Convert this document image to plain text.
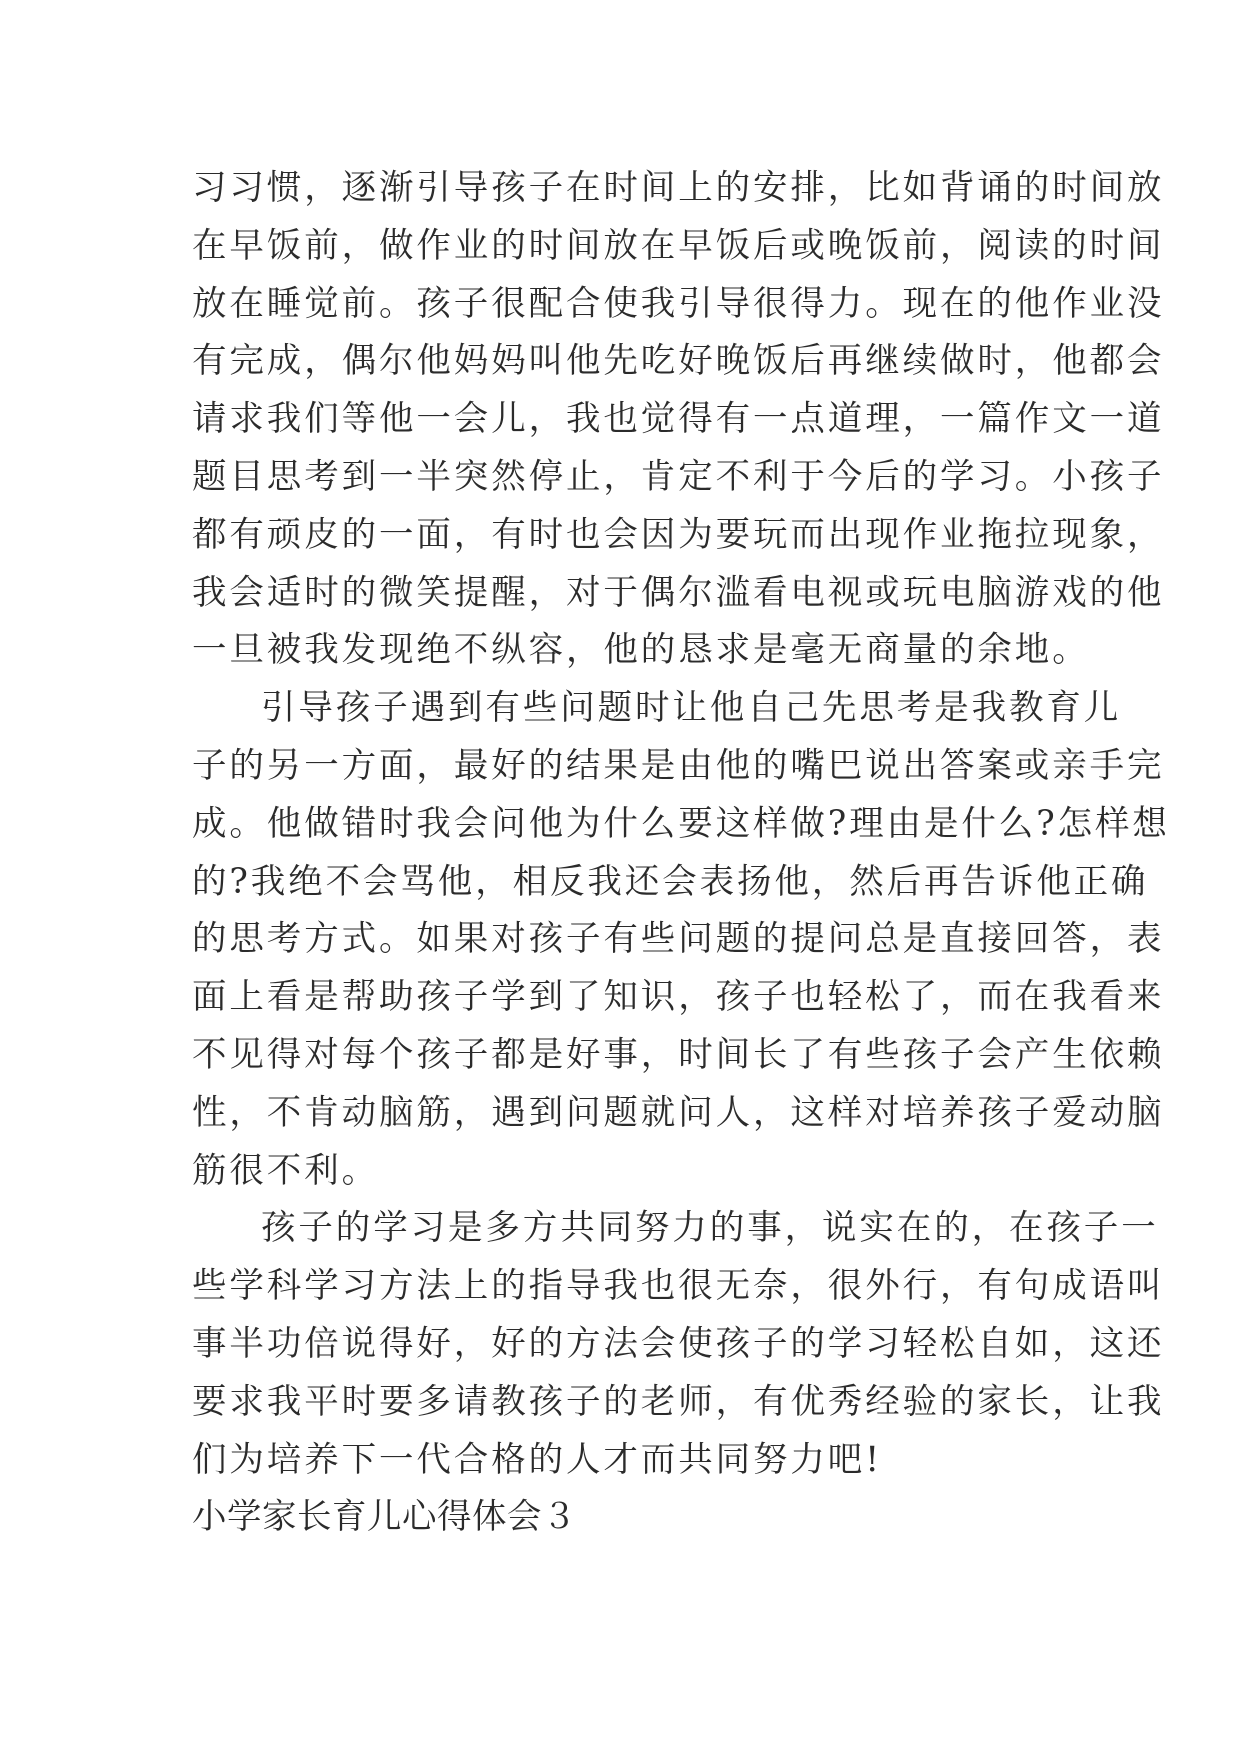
习习惯，逐渐引导孩子在时间上的安排，比如背诵的时间放
在早饭前，做作业的时间放在早饭后或晚饭前，阅读的时间
放在睡觉前。孩子很配合使我引导很得力。现在的他作业没
有完成，偶尔他妈妈叫他先吃好晚饭后再继续做时，他都会
请求我们等他一会儿，我也觉得有一点道理，一篇作文一道
题目思考到一半突然停止，肯定不利于今后的学习。小孩子
都有顽皮的一面，有时也会因为要玩而出现作业拖拉现象，
我会适时的微笑提醒，对于偶尔滥看电视或玩电脑游戏的他
一旦被我发现绝不纵容，他的恳求是毫无商量的余地。
引导孩子遇到有些问题时让他自己先思考是我教育儿
子的另一方面，最好的结果是由他的嘴巴说出答案或亲手完
成。他做错时我会问他为什么要这样做?理由是什么?怎样想
的?我绝不会骂他，相反我还会表扬他，然后再告诉他正确
的思考方式。如果对孩子有些问题的提问总是直接回答，表
面上看是帮助孩子学到了知识，孩子也轻松了，而在我看来
不见得对每个孩子都是好事，时间长了有些孩子会产生依赖
性，不肯动脑筋，遇到问题就问人，这样对培养孩子爱动脑
筋很不利。
孩子的学习是多方共同努力的事，说实在的，在孩子一
些学科学习方法上的指导我也很无奈，很外行，有句成语叫
事半功倍说得好，好的方法会使孩子的学习轻松自如，这还
要求我平时要多请教孩子的老师，有优秀经验的家长，让我
们为培养下一代合格的人才而共同努力吧!
小学家长育儿心得体会３
